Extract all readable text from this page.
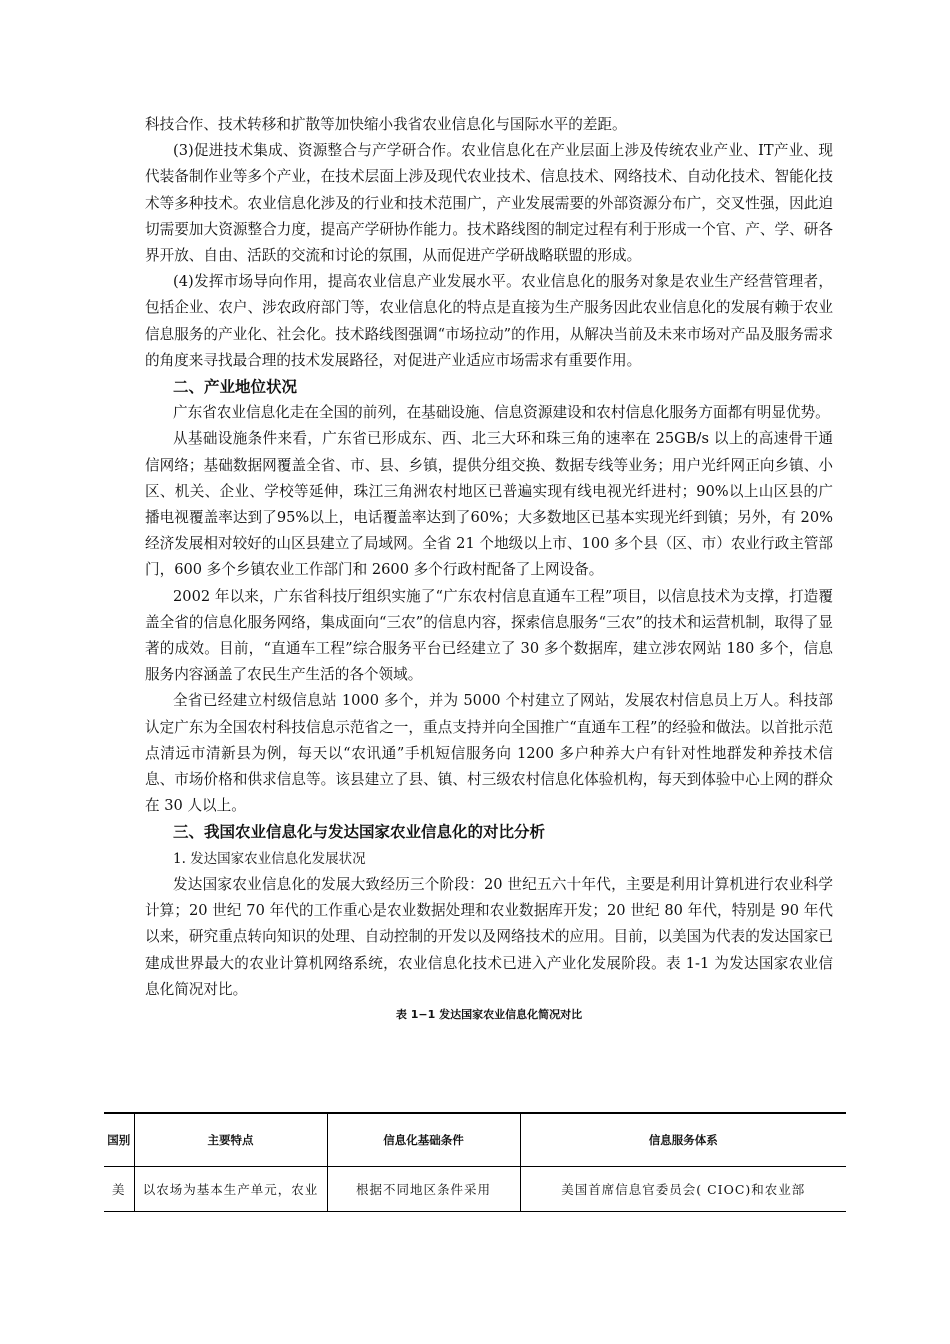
科技合作、技术转移和扩散等加快缩小我省农业信息化与国际水平的差距。

(3)促进技术集成、资源整合与产学研合作。农业信息化在产业层面上涉及传统农业产业、IT产业、现代装备制作业等多个产业，在技术层面上涉及现代农业技术、信息技术、网络技术、自动化技术、智能化技术等多种技术。农业信息化涉及的行业和技术范围广，产业发展需要的外部资源分布广，交叉性强，因此迫切需要加大资源整合力度，提高产学研协作能力。技术路线图的制定过程有利于形成一个官、产、学、研各界开放、自由、活跃的交流和讨论的氛围，从而促进产学研战略联盟的形成。

(4)发挥市场导向作用，提高农业信息产业发展水平。农业信息化的服务对象是农业生产经营管理者，包括企业、农户、涉农政府部门等，农业信息化的特点是直接为生产服务因此农业信息化的发展有赖于农业信息服务的产业化、社会化。技术路线图强调“市场拉动”的作用，从解决当前及未来市场对产品及服务需求的角度来寻找最合理的技术发展路径，对促进产业适应市场需求有重要作用。

二、产业地位状况

广东省农业信息化走在全国的前列，在基础设施、信息资源建设和农村信息化服务方面都有明显优势。

从基础设施条件来看，广东省已形成东、西、北三大环和珠三角的速率在 25GB/s 以上的高速骨干通信网络；基础数据网覆盖全省、市、县、乡镇，提供分组交换、数据专线等业务；用户光纤网正向乡镇、小区、机关、企业、学校等延伸，珠江三角洲农村地区已普遍实现有线电视光纤进村；90%以上山区县的广播电视覆盖率达到了95%以上，电话覆盖率达到了60%；大多数地区已基本实现光纤到镇；另外，有 20%经济发展相对较好的山区县建立了局域网。全省 21 个地级以上市、100 多个县（区、市）农业行政主管部门，600 多个乡镇农业工作部门和 2600 多个行政村配备了上网设备。

2002 年以来，广东省科技厅组织实施了“广东农村信息直通车工程”项目，以信息技术为支撑，打造覆盖全省的信息化服务网络，集成面向“三农”的信息内容，探索信息服务“三农”的技术和运营机制，取得了显著的成效。目前，“直通车工程”综合服务平台已经建立了 30 多个数据库，建立涉农网站 180 多个，信息服务内容涵盖了农民生产生活的各个领域。

全省已经建立村级信息站 1000 多个，并为 5000 个村建立了网站，发展农村信息员上万人。科技部认定广东为全国农村科技信息示范省之一，重点支持并向全国推广“直通车工程”的经验和做法。以首批示范点清远市清新县为例，每天以“农讯通”手机短信服务向 1200 多户种养大户有针对性地群发种养技术信息、市场价格和供求信息等。该县建立了县、镇、村三级农村信息化体验机构，每天到体验中心上网的群众在 30 人以上。

三、我国农业信息化与发达国家农业信息化的对比分析

1. 发达国家农业信息化发展状况

发达国家农业信息化的发展大致经历三个阶段：20 世纪五六十年代，主要是利用计算机进行农业科学计算；20 世纪 70 年代的工作重心是农业数据处理和农业数据库开发；20 世纪 80 年代，特别是 90 年代以来，研究重点转向知识的处理、自动控制的开发以及网络技术的应用。目前，以美国为代表的发达国家已建成世界最大的农业计算机网络系统，农业信息化技术已进入产业化发展阶段。表 1-1 为发达国家农业信息化简况对比。

表 1−1 发达国家农业信息化简况对比
国别	主要特点	信息化基础条件	信息服务体系
美	以农场为基本生产单元，农业	根据不同地区条件采用	美国首席信息官委员会( CIOC)和农业部
